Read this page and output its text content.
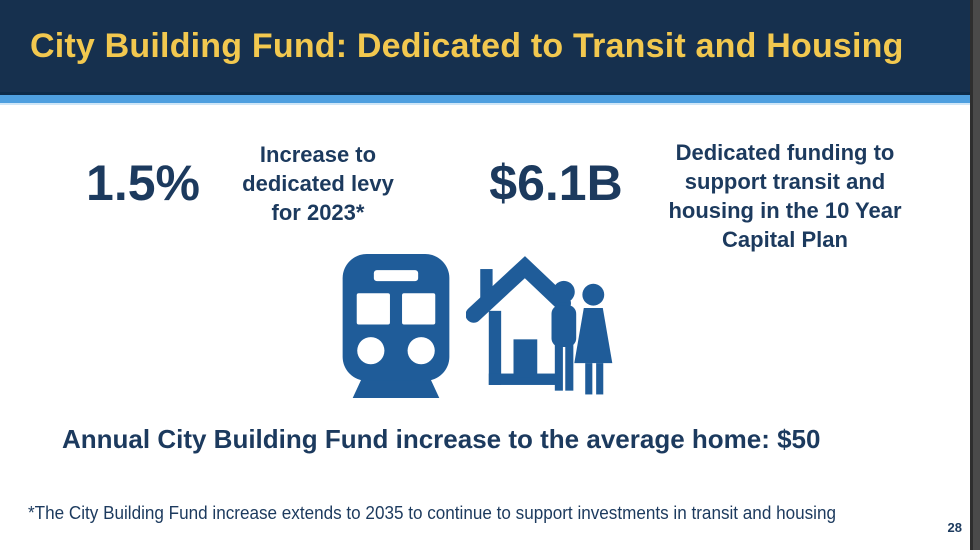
City Building Fund: Dedicated to Transit and Housing
1.5%
Increase to dedicated levy for 2023*
$6.1B
Dedicated funding to support transit and housing in the 10 Year Capital Plan
Annual City Building Fund increase to the average home: $50
*The City Building Fund increase extends to 2035 to continue to support investments in transit and housing
28
